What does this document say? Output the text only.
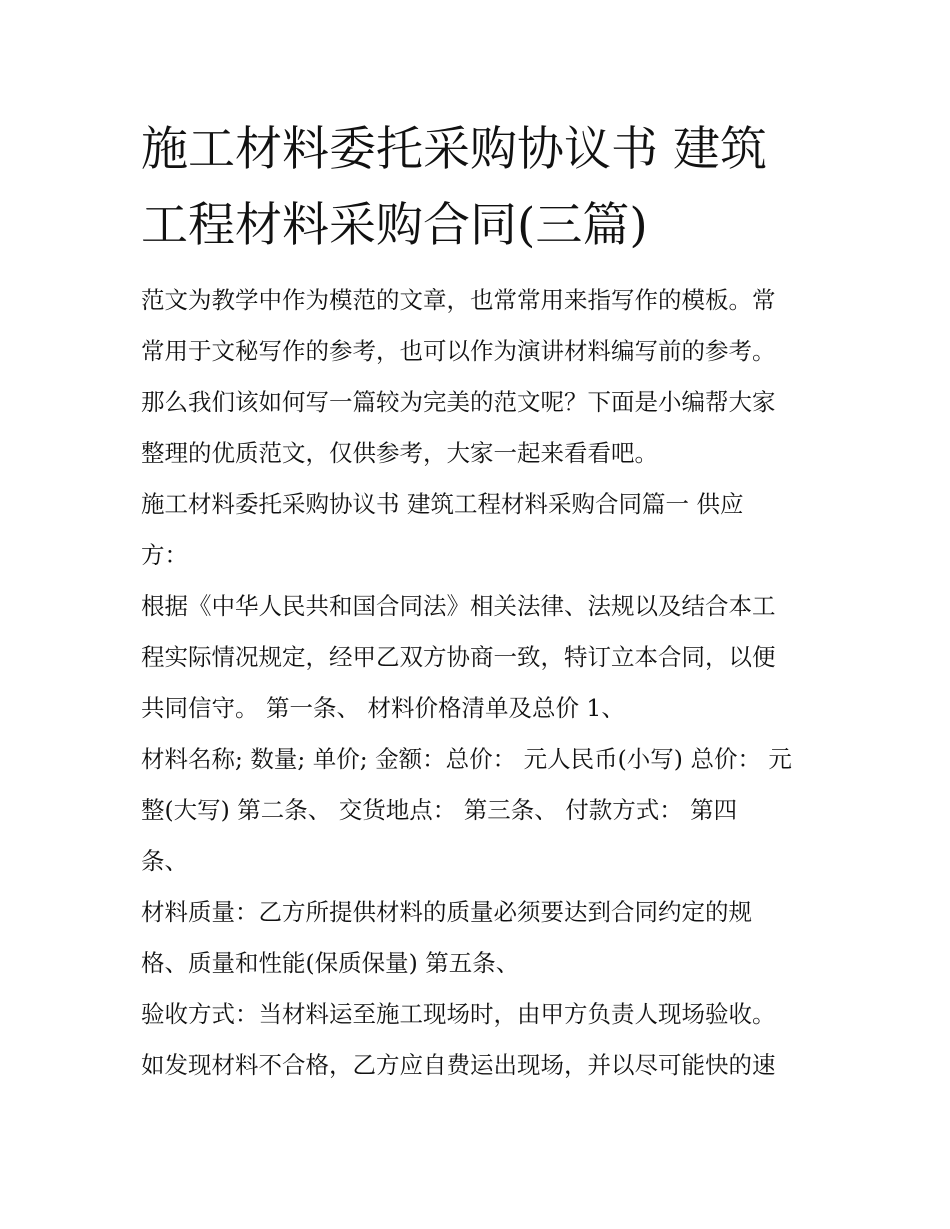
施工材料委托采购协议书 建筑
工程材料采购合同(三篇)
范文为教学中作为模范的文章，也常常用来指写作的模板。常
常用于文秘写作的参考，也可以作为演讲材料编写前的参考。
那么我们该如何写一篇较为完美的范文呢？下面是小编帮大家
整理的优质范文，仅供参考，大家一起来看看吧。
施工材料委托采购协议书 建筑工程材料采购合同篇一 供应
方：
根据《中华人民共和国合同法》相关法律、法规以及结合本工
程实际情况规定，经甲乙双方协商一致，特订立本合同，以便
共同信守。 第一条、 材料价格清单及总价 1、
材料名称; 数量; 单价; 金额：总价： 元人民币(小写) 总价： 元
整(大写) 第二条、 交货地点： 第三条、 付款方式： 第四
条、
材料质量：乙方所提供材料的质量必须要达到合同约定的规
格、质量和性能(保质保量) 第五条、
验收方式：当材料运至施工现场时，由甲方负责人现场验收。
如发现材料不合格，乙方应自费运出现场，并以尽可能快的速
